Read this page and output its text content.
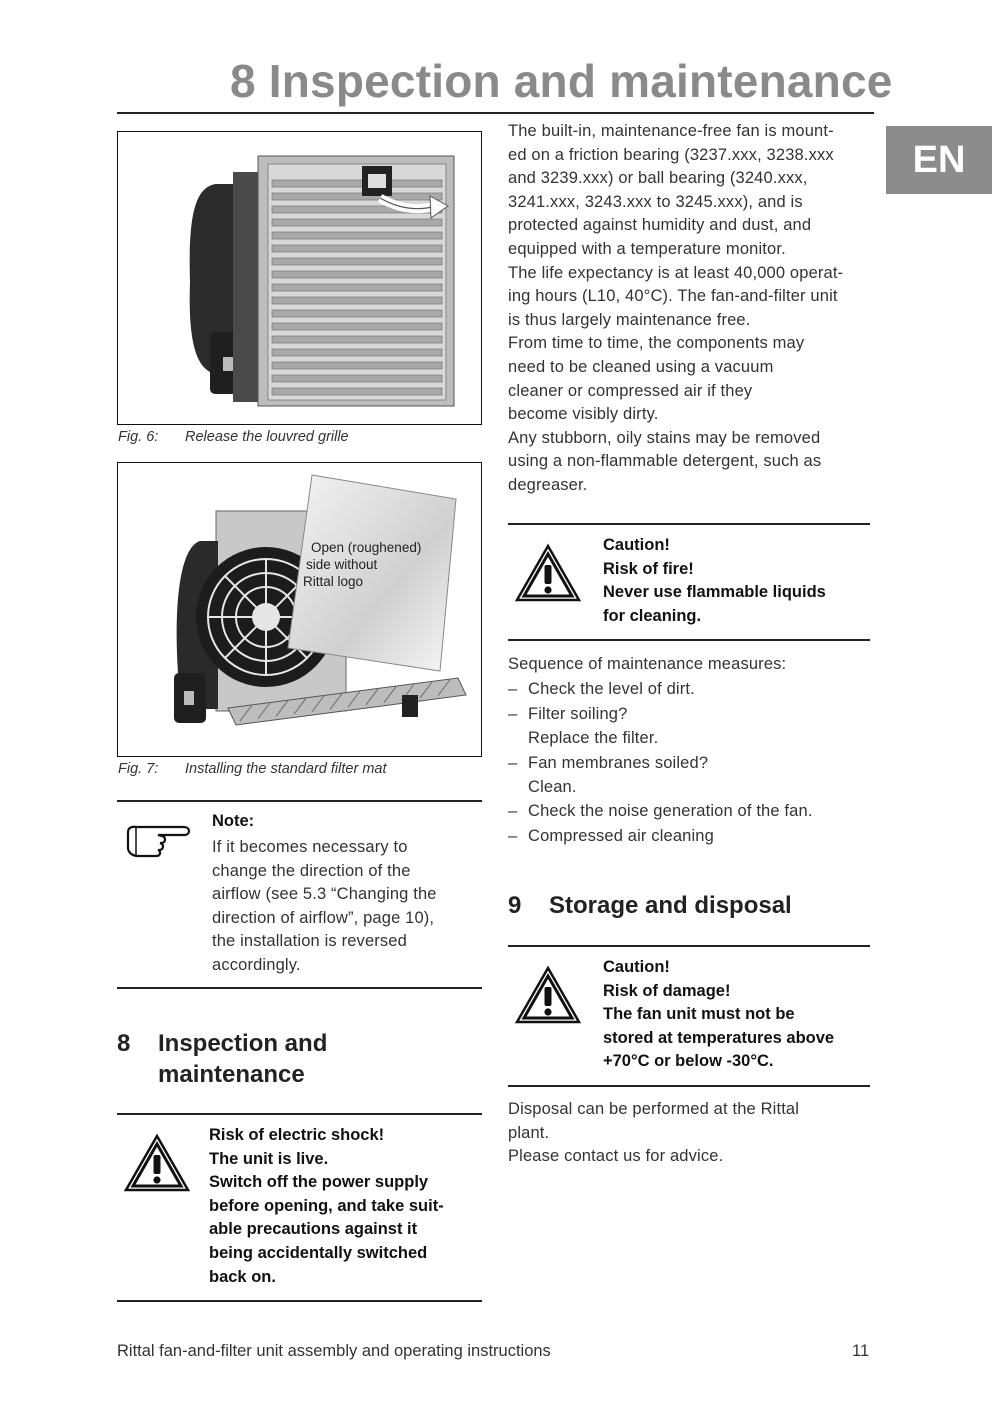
8 Inspection and maintenance
EN
Fig. 6: Release the louvred grille
Open (roughened)
side without
Rittal logo
Fig. 7: Installing the standard filter mat
Note:

If it becomes necessary to

change the direction of the

airflow (see 5.3 “Changing the

direction of airflow”, page 10),

the installation is reversed

accordingly.

8 Inspection and
maintenance

Risk of electric shock!

The unit is live.

Switch off the power supply

before opening, and take suit-

able precautions against it

being accidentally switched

back on.

The built-in, maintenance-free fan is mount-

ed on a friction bearing (3237.xxx, 3238.xxx

and 3239.xxx) or ball bearing (3240.xxx,

3241.xxx, 3243.xxx to 3245.xxx), and is

protected against humidity and dust, and

equipped with a temperature monitor.

The life expectancy is at least 40,000 operat-

ing hours (L10, 40°C). The fan-and-filter unit

is thus largely maintenance free.

From time to time, the components may

need to be cleaned using a vacuum

cleaner or compressed air if they

become visibly dirty.

Any stubborn, oily stains may be removed

using a non-flammable detergent, such as

degreaser.

Caution!

Risk of fire!

Never use flammable liquids

for cleaning.

Sequence of maintenance measures:

– Check the level of dirt.
– Filter soiling?
Replace the filter.
– Fan membranes soiled?
Clean.
– Check the noise generation of the fan.
– Compressed air cleaning
9 Storage and disposal

Caution!

Risk of damage!

The fan unit must not be

stored at temperatures above

+70°C or below -30°C.

Disposal can be performed at the Rittal

plant.

Please contact us for advice.

Rittal fan-and-filter unit assembly and operating instructions	11
